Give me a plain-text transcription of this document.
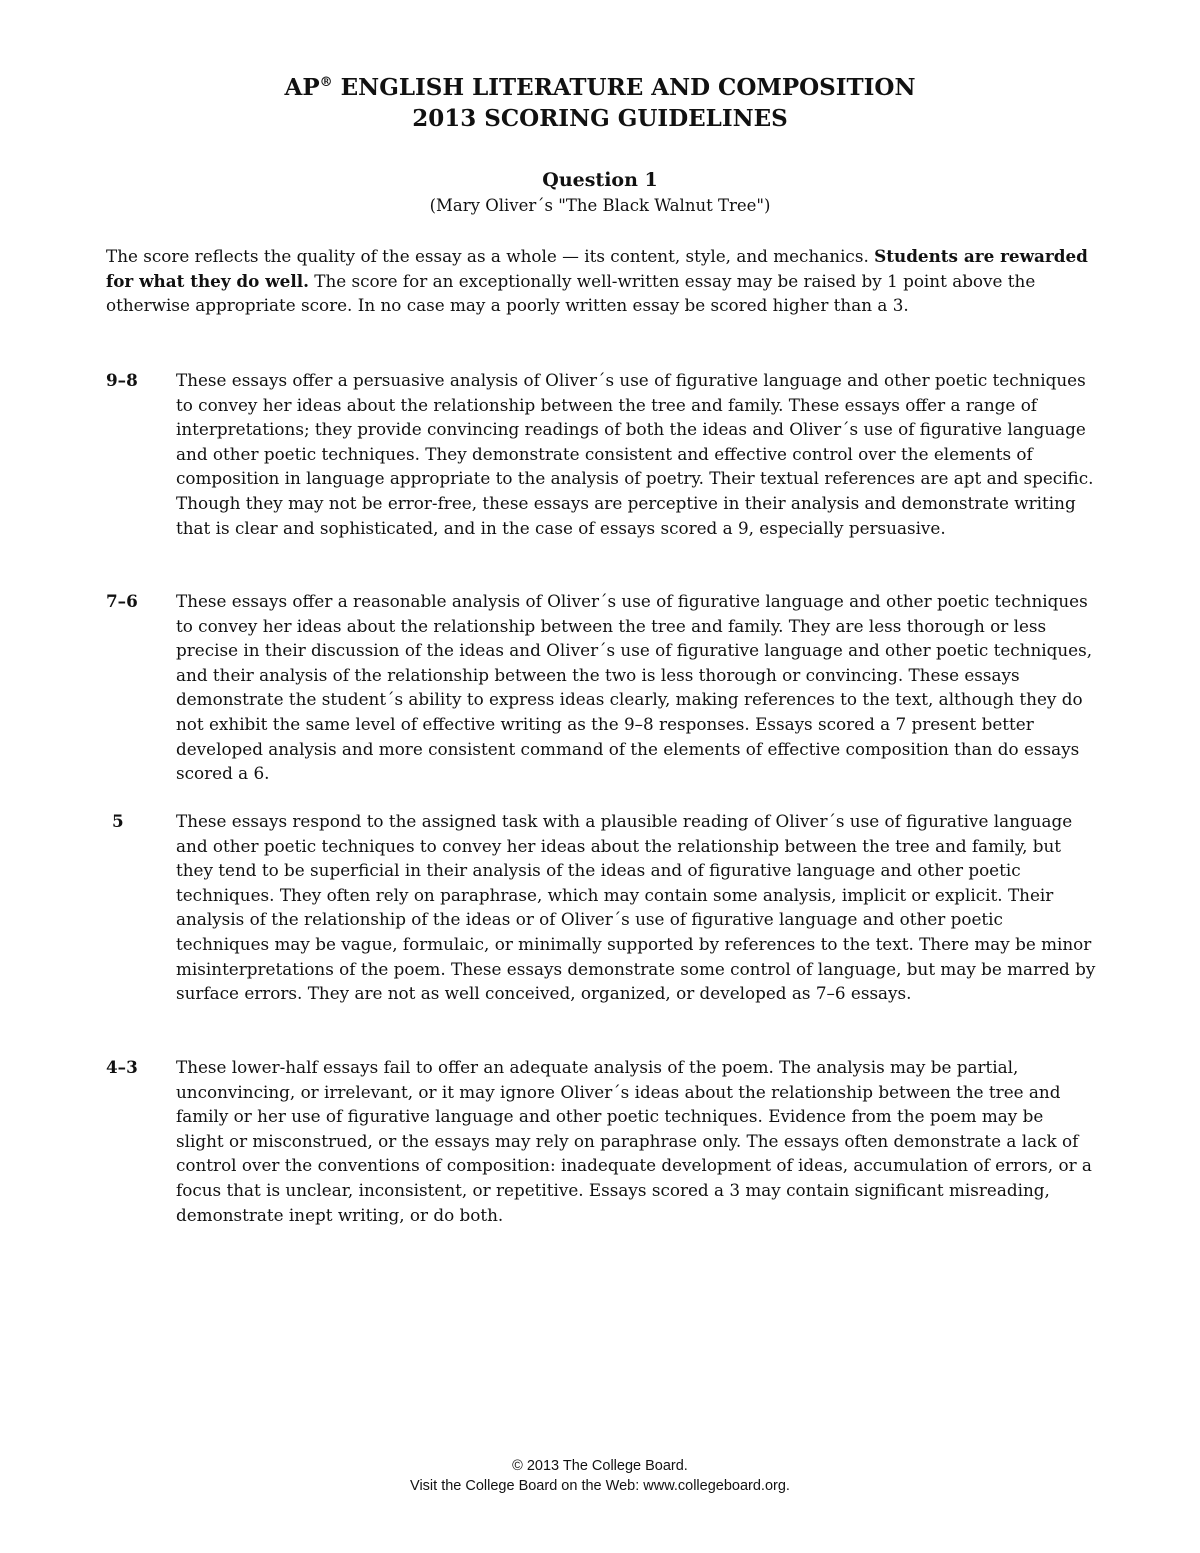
AP® ENGLISH LITERATURE AND COMPOSITION
2013 SCORING GUIDELINES
Question 1
(Mary Oliver´s "The Black Walnut Tree")
The score reflects the quality of the essay as a whole — its content, style, and mechanics. Students are rewarded for what they do well. The score for an exceptionally well-written essay may be raised by 1 point above the otherwise appropriate score. In no case may a poorly written essay be scored higher than a 3.
9–8	These essays offer a persuasive analysis of Oliver´s use of figurative language and other poetic techniques to convey her ideas about the relationship between the tree and family. These essays offer a range of interpretations; they provide convincing readings of both the ideas and Oliver´s use of figurative language and other poetic techniques. They demonstrate consistent and effective control over the elements of composition in language appropriate to the analysis of poetry. Their textual references are apt and specific. Though they may not be error-free, these essays are perceptive in their analysis and demonstrate writing that is clear and sophisticated, and in the case of essays scored a 9, especially persuasive.
7–6	These essays offer a reasonable analysis of Oliver´s use of figurative language and other poetic techniques to convey her ideas about the relationship between the tree and family. They are less thorough or less precise in their discussion of the ideas and Oliver´s use of figurative language and other poetic techniques, and their analysis of the relationship between the two is less thorough or convincing. These essays demonstrate the student´s ability to express ideas clearly, making references to the text, although they do not exhibit the same level of effective writing as the 9–8 responses. Essays scored a 7 present better developed analysis and more consistent command of the elements of effective composition than do essays scored a 6.
5	These essays respond to the assigned task with a plausible reading of Oliver´s use of figurative language and other poetic techniques to convey her ideas about the relationship between the tree and family, but they tend to be superficial in their analysis of the ideas and of figurative language and other poetic techniques. They often rely on paraphrase, which may contain some analysis, implicit or explicit. Their analysis of the relationship of the ideas or of Oliver´s use of figurative language and other poetic techniques may be vague, formulaic, or minimally supported by references to the text. There may be minor misinterpretations of the poem. These essays demonstrate some control of language, but may be marred by surface errors. They are not as well conceived, organized, or developed as 7–6 essays.
4–3	These lower-half essays fail to offer an adequate analysis of the poem. The analysis may be partial, unconvincing, or irrelevant, or it may ignore Oliver´s ideas about the relationship between the tree and family or her use of figurative language and other poetic techniques. Evidence from the poem may be slight or misconstrued, or the essays may rely on paraphrase only. The essays often demonstrate a lack of control over the conventions of composition: inadequate development of ideas, accumulation of errors, or a focus that is unclear, inconsistent, or repetitive. Essays scored a 3 may contain significant misreading, demonstrate inept writing, or do both.
© 2013 The College Board.
Visit the College Board on the Web: www.collegeboard.org.
